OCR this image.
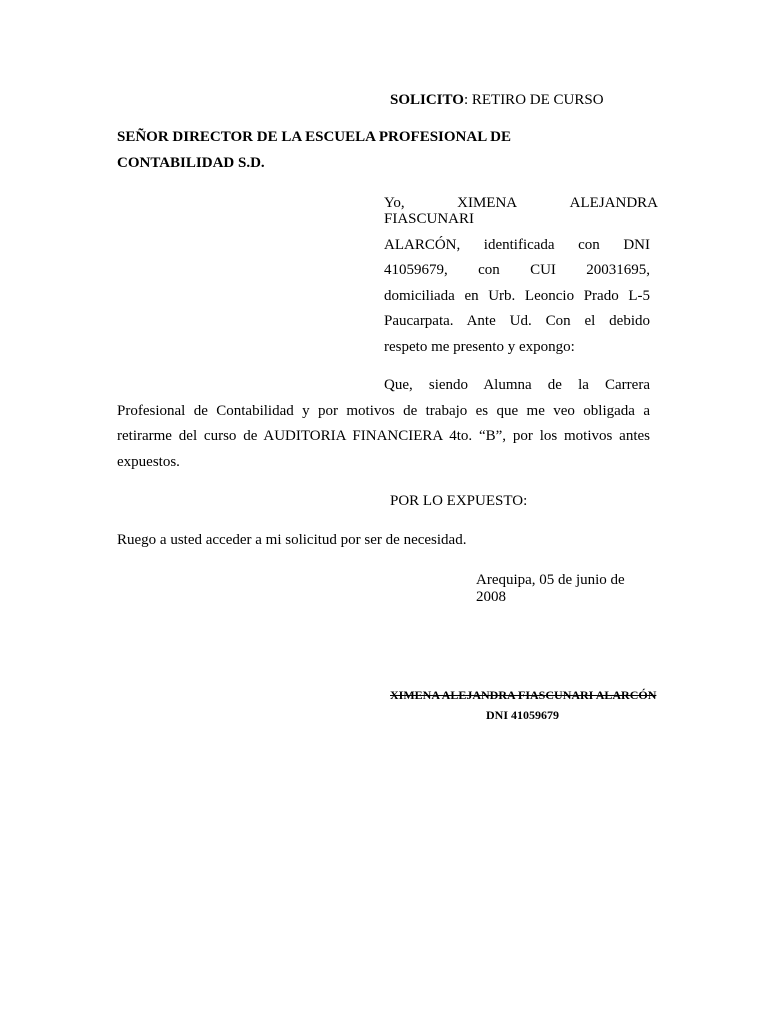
SOLICITO: RETIRO DE CURSO
SEÑOR DIRECTOR DE LA ESCUELA PROFESIONAL DE
CONTABILIDAD S.D.
Yo,	XIMENA	ALEJANDRA
FIASCUNARI
ALARCÓN, identificada con DNI
41059679, con CUI 20031695,
domiciliada en Urb. Leoncio Prado L-5
Paucarpata. Ante Ud. Con el debido
respeto me presento y expongo:
Que, siendo Alumna de la Carrera
Profesional de Contabilidad y por motivos de trabajo es que me veo obligada a
retirarme del curso de AUDITORIA FINANCIERA 4to. “B”, por los motivos antes
expuestos.
POR LO EXPUESTO:
Ruego a usted acceder a mi solicitud por ser de necesidad.
Arequipa, 05 de junio de
2008
XIMENA ALEJANDRA FIASCUNARI ALARCÓN
DNI 41059679
